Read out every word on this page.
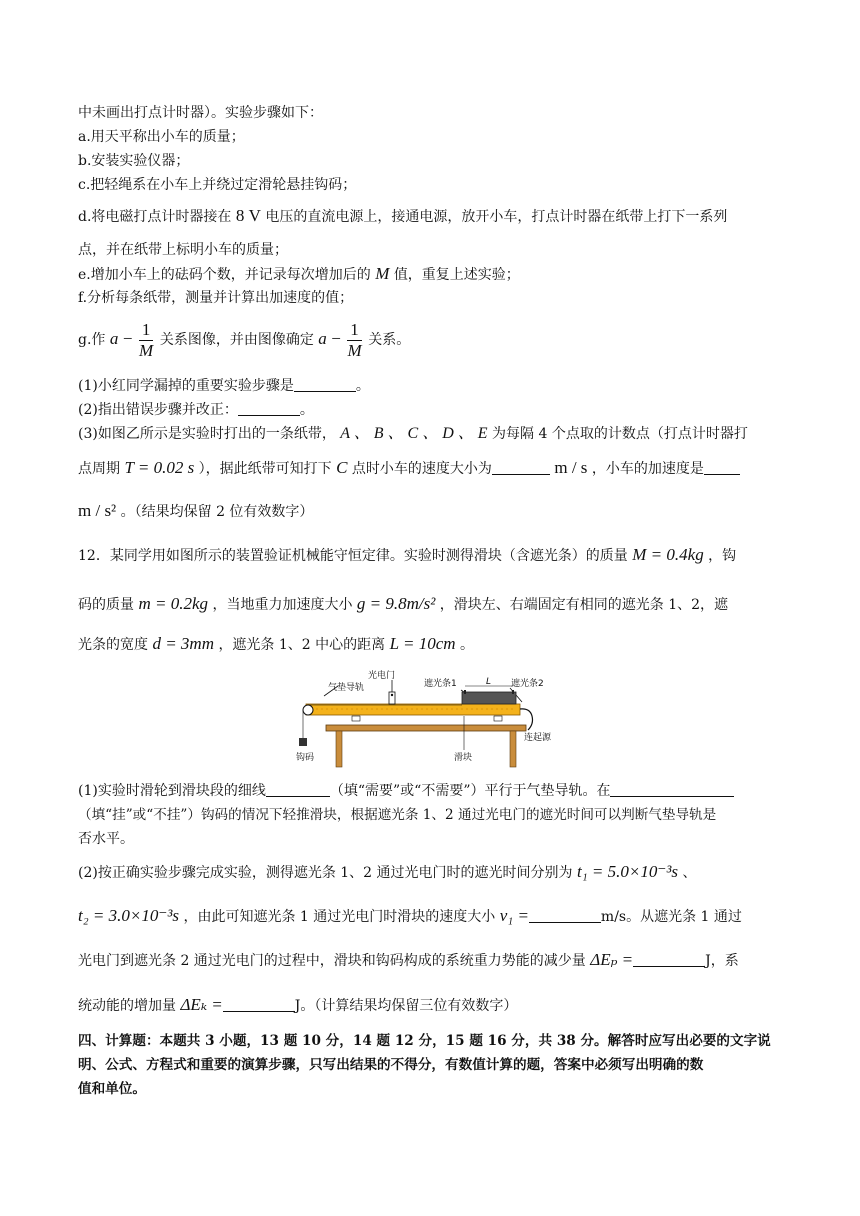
中未画出打点计时器）。实验步骤如下：
a.用天平称出小车的质量；
b.安装实验仪器；
c.把轻绳系在小车上并绕过定滑轮悬挂钩码；
d.将电磁打点计时器接在 8 V 电压的直流电源上，接通电源，放开小车，打点计时器在纸带上打下一系列
点，并在纸带上标明小车的质量；
e.增加小车上的砝码个数，并记录每次增加后的 M 值，重复上述实验；
f.分析每条纸带，测量并计算出加速度的值；
g.作 $a - \frac{1}{M}$ 关系图像，并由图像确定 $a - \frac{1}{M}$ 关系。
(1)小红同学漏掉的重要实验步骤是	。
(2)指出错误步骤并改正：	。
(3)如图乙所示是实验时打出的一条纸带， A 、 B 、 C 、 D 、 E 为每隔 4 个点取的计数点（打点计时器打
点周期 T = 0.02 s ），据此纸带可知打下 C 点时小车的速度大小为	m / s ，小车的加速度是
m / s² 。（结果均保留 2 位有效数字）
12．某同学用如图所示的装置验证机械能守恒定律。实验时测得滑块（含遮光条）的质量 M = 0.4kg ，钩
码的质量 m = 0.2kg ，当地重力加速度大小 g = 9.8m/s² ，滑块左、右端固定有相同的遮光条 1、2，遮
光条的宽度 d = 3mm ，遮光条 1、2 中心的距离 L = 10cm 。
光电门
气垫导轨	遮光条1	L 遮光条2
连起源
滑块
钩码
(1)实验时滑轮到滑块段的细线	（填“需要”或“不需要”）平行于气垫导轨。在
（填“挂”或“不挂”）钩码的情况下轻推滑块，根据遮光条 1、2 通过光电门的遮光时间可以判断气垫导轨是
否水平。
(2)按正确实验步骤完成实验，测得遮光条 1、2 通过光电门时的遮光时间分别为 t₁ = 5.0×10⁻³s 、
t₂ = 3.0×10⁻³s ，由此可知遮光条 1 通过光电门时滑块的速度大小 v₁ =	m/s。从遮光条 1 通过
光电门到遮光条 2 通过光电门的过程中，滑块和钩码构成的系统重力势能的减少量 ΔEₚ =	J，系
统动能的增加量 ΔEₖ =	J。（计算结果均保留三位有效数字）
四、计算题：本题共 3 小题，13 题 10 分，14 题 12 分，15 题 16 分，共 38 分。解答时应写出必要的文字说
明、公式、方程式和重要的演算步骤，只写出结果的不得分，有数值计算的题，答案中必须写出明确的数
值和单位。
